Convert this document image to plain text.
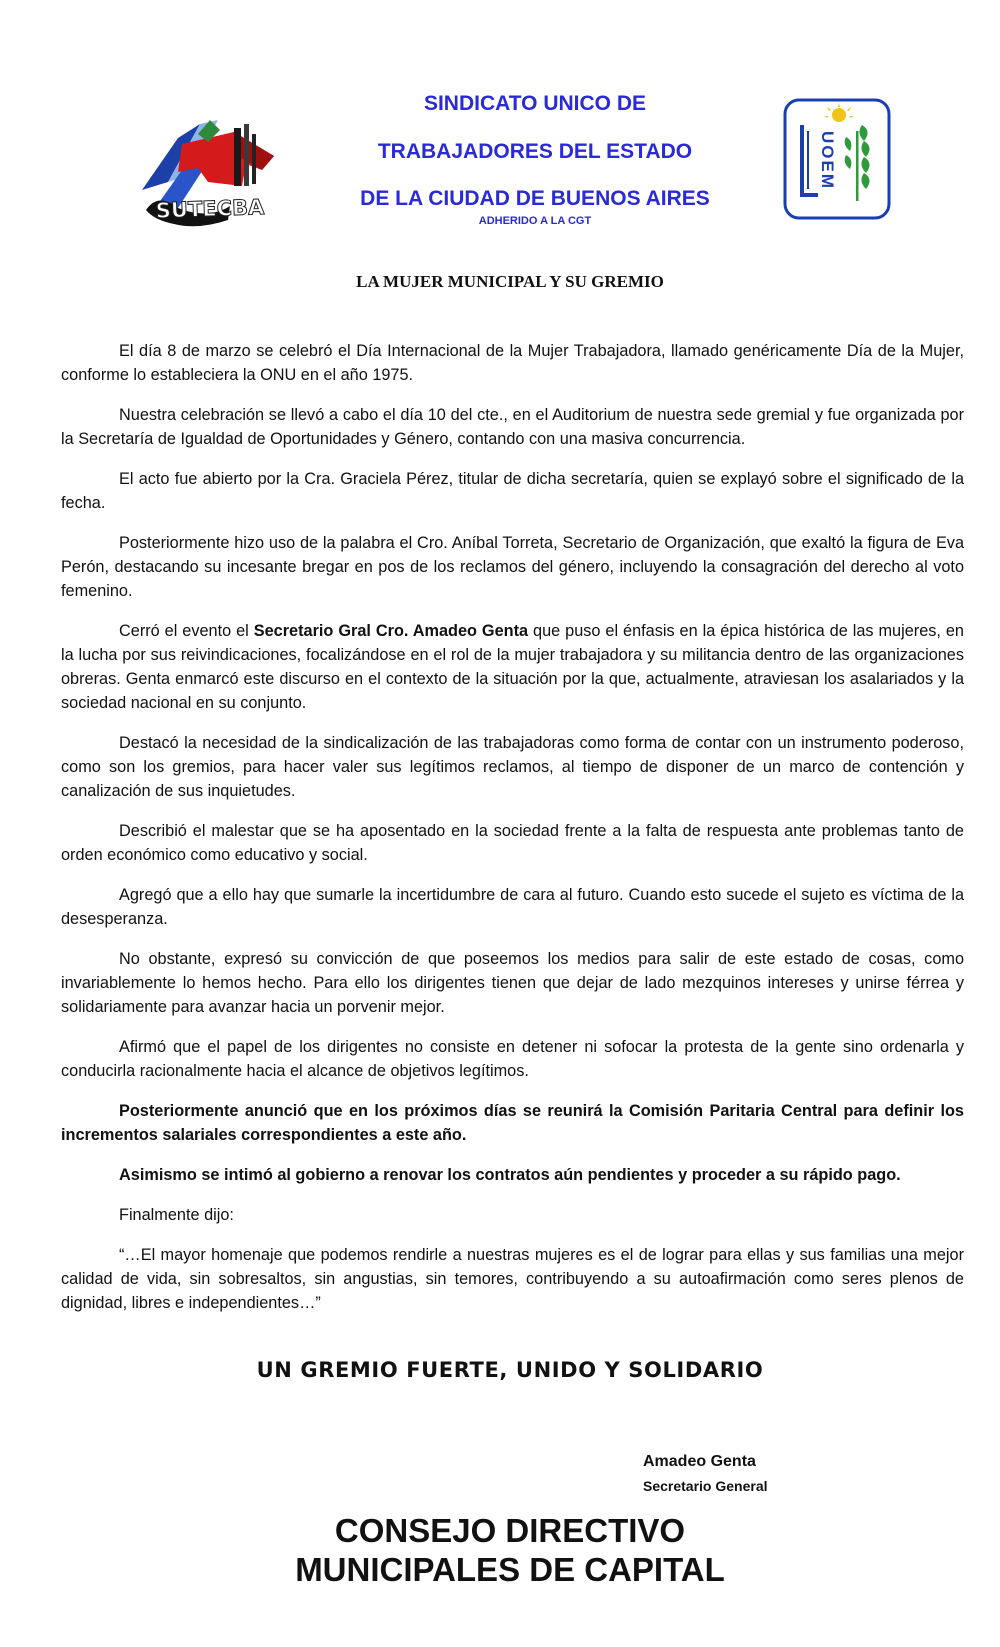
SUTECBA
UOEM
SINDICATO UNICO DE
TRABAJADORES DEL ESTADO
DE LA CIUDAD DE BUENOS AIRES
ADHERIDO A LA CGT
LA MUJER MUNICIPAL Y SU GREMIO

El día 8 de marzo se celebró el Día Internacional de la Mujer Trabajadora, llamado genéricamente Día de la Mujer, conforme lo estableciera la ONU en el año 1975.

Nuestra celebración se llevó a cabo el día 10 del cte., en el Auditorium de nuestra sede gremial y fue organizada por la Secretaría de Igualdad de Oportunidades y Género, contando con una masiva concurrencia.

El acto fue abierto por la Cra. Graciela Pérez, titular de dicha secretaría, quien se explayó sobre el significado de la fecha.

Posteriormente hizo uso de la palabra el Cro. Aníbal Torreta, Secretario de Organización, que exaltó la figura de Eva Perón, destacando su incesante bregar en pos de los reclamos del género, incluyendo la consagración del derecho al voto femenino.

Cerró el evento el Secretario Gral Cro. Amadeo Genta que puso el énfasis en la épica histórica de las mujeres, en la lucha por sus reivindicaciones, focalizándose en el rol de la mujer trabajadora y su militancia dentro de las organizaciones obreras. Genta enmarcó este discurso en el contexto de la situación por la que, actualmente, atraviesan los asalariados y la sociedad nacional en su conjunto.

Destacó la necesidad de la sindicalización de las trabajadoras como forma de contar con un instrumento poderoso, como son los gremios, para hacer valer sus legítimos reclamos, al tiempo de disponer de un marco de contención y canalización de sus inquietudes.

Describió el malestar que se ha aposentado en la sociedad frente a la falta de respuesta ante problemas tanto de orden económico como educativo y social.

Agregó que a ello hay que sumarle la incertidumbre de cara al futuro. Cuando esto sucede el sujeto es víctima de la desesperanza.

No obstante, expresó su convicción de que poseemos los medios para salir de este estado de cosas, como invariablemente lo hemos hecho. Para ello los dirigentes tienen que dejar de lado mezquinos intereses y unirse férrea y solidariamente para avanzar hacia un porvenir mejor.

Afirmó que el papel de los dirigentes no consiste en detener ni sofocar la protesta de la gente sino ordenarla y conducirla racionalmente hacia el alcance de objetivos legítimos.

Posteriormente anunció que en los próximos días se reunirá la Comisión Paritaria Central para definir los incrementos salariales correspondientes a este año.

Asimismo se intimó al gobierno a renovar los contratos aún pendientes y proceder a su rápido pago.

Finalmente dijo:

“…El mayor homenaje que podemos rendirle a nuestras mujeres es el de lograr para ellas y sus familias una mejor calidad de vida, sin sobresaltos, sin angustias, sin temores, contribuyendo a su autoafirmación como seres plenos de dignidad, libres e independientes…”

UN GREMIO FUERTE, UNIDO Y SOLIDARIO
Amadeo Genta
Secretario General
CONSEJO DIRECTIVO
MUNICIPALES DE CAPITAL
